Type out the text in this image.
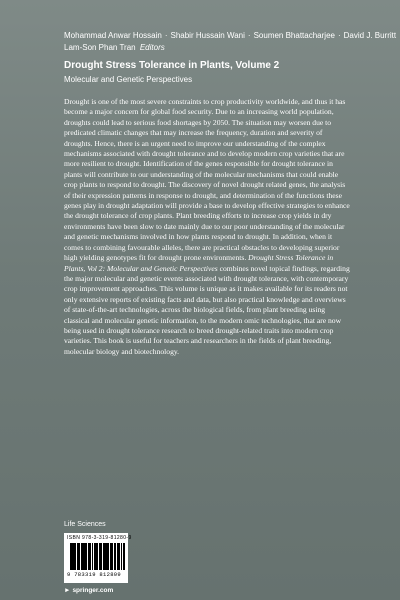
Mohammad Anwar Hossain · Shabir Hussain Wani · Soumen Bhattacharjee · David J. Burritt
Lam-Son Phan Tran Editors
Drought Stress Tolerance in Plants, Volume 2
Molecular and Genetic Perspectives

Drought is one of the most severe constraints to crop productivity worldwide, and thus it has become a major concern for global food security. Due to an increasing world population, droughts could lead to serious food shortages by 2050. The situation may worsen due to predicated climatic changes that may increase the frequency, duration and severity of droughts. Hence, there is an urgent need to improve our understanding of the complex mechanisms associated with drought tolerance and to develop modern crop varieties that are more resilient to drought. Identification of the genes responsible for drought tolerance in plants will contribute to our understanding of the molecular mechanisms that could enable crop plants to respond to drought. The discovery of novel drought related genes, the analysis of their expression patterns in response to drought, and determination of the functions these genes play in drought adaptation will provide a base to develop effective strategies to enhance the drought tolerance of crop plants. Plant breeding efforts to increase crop yields in dry environments have been slow to date mainly due to our poor understanding of the molecular and genetic mechanisms involved in how plants respond to drought. In addition, when it comes to combining favourable alleles, there are practical obstacles to developing superior high yielding genotypes fit for drought prone environments. Drought Stress Tolerance in Plants, Vol 2: Molecular and Genetic Perspectives combines novel topical findings, regarding the major molecular and genetic events associated with drought tolerance, with contemporary crop improvement approaches. This volume is unique as it makes available for its readers not only extensive reports of existing facts and data, but also practical knowledge and overviews of state-of-the-art technologies, across the biological fields, from plant breeding using classical and molecular genetic information, to the modern omic technologies, that are now being used in drought tolerance research to breed drought-related traits into modern crop varieties. This book is useful for teachers and researchers in the fields of plant breeding, molecular biology and biotechnology.

Life Sciences
ISBN 978-3-319-81280-9
9 783319 812809
► springer.com
